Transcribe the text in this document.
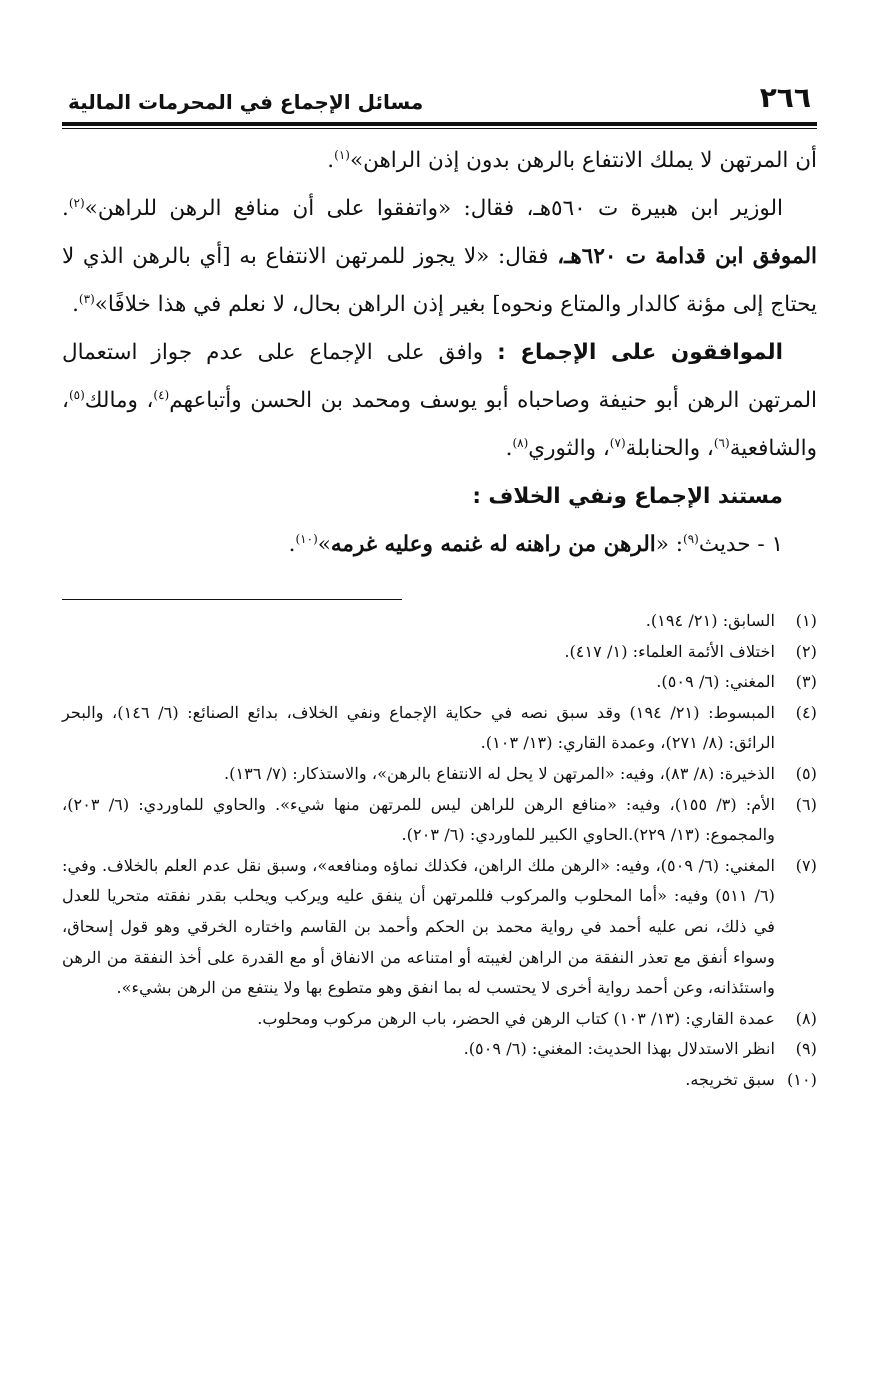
٢٦٦
مسائل الإجماع في المحرمات المالية

أن المرتهن لا يملك الانتفاع بالرهن بدون إذن الراهن»$^{(١)}$.

الوزير ابن هبيرة ت ٥٦٠هـ، فقال: «واتفقوا على أن منافع الرهن للراهن»$^{(٢)}$. الموفق ابن قدامة ت ٦٢٠هـ، فقال: «لا يجوز للمرتهن الانتفاع به [أي بالرهن الذي لا يحتاج إلى مؤنة كالدار والمتاع ونحوه] بغير إذن الراهن بحال، لا نعلم في هذا خلافًا»$^{(٣)}$.

الموافقون على الإجماع : وافق على الإجماع على عدم جواز استعمال المرتهن الرهن أبو حنيفة وصاحباه أبو يوسف ومحمد بن الحسن وأتباعهم$^{(٤)}$، ومالك$^{(٥)}$، والشافعية$^{(٦)}$، والحنابلة$^{(٧)}$، والثوري$^{(٨)}$.

مستند الإجماع ونفي الخلاف :

١ - حديث$^{(٩)}$: «الرهن من راهنه له غنمه وعليه غرمه»$^{(١٠)}$.

(١)
السابق: (٢١/ ١٩٤).
(٢)
اختلاف الأئمة العلماء: (١/ ٤١٧).
(٣)
المغني: (٦/ ٥٠٩).
(٤)
المبسوط: (٢١/ ١٩٤) وقد سبق نصه في حكاية الإجماع ونفي الخلاف، بدائع الصنائع: (٦/ ١٤٦)، والبحر الرائق: (٨/ ٢٧١)، وعمدة القاري: (١٣/ ١٠٣).
(٥)
الذخيرة: (٨/ ٨٣)، وفيه: «المرتهن لا يحل له الانتفاع بالرهن»، والاستذكار: (٧/ ١٣٦).
(٦)
الأم: (٣/ ١٥٥)، وفيه: «منافع الرهن للراهن ليس للمرتهن منها شيء». والحاوي للماوردي: (٦/ ٢٠٣)، والمجموع: (١٣/ ٢٢٩).الحاوي الكبير للماوردي: (٦/ ٢٠٣).
(٧)
المغني: (٦/ ٥٠٩)، وفيه: «الرهن ملك الراهن، فكذلك نماؤه ومنافعه»، وسبق نقل عدم العلم بالخلاف. وفي: (٦/ ٥١١) وفيه: «أما المحلوب والمركوب فللمرتهن أن ينفق عليه ويركب ويحلب بقدر نفقته متحريا للعدل في ذلك، نص عليه أحمد في رواية محمد بن الحكم وأحمد بن القاسم واختاره الخرقي وهو قول إسحاق، وسواء أنفق مع تعذر النفقة من الراهن لغيبته أو امتناعه من الانفاق أو مع القدرة على أخذ النفقة من الرهن واستئذانه، وعن أحمد رواية أخرى لا يحتسب له بما انفق وهو متطوع بها ولا ينتفع من الرهن بشيء».
(٨)
عمدة القاري: (١٣/ ١٠٣) كتاب الرهن في الحضر، باب الرهن مركوب ومحلوب.
(٩)
انظر الاستدلال بهذا الحديث: المغني: (٦/ ٥٠٩).
(١٠)
سبق تخريجه.
